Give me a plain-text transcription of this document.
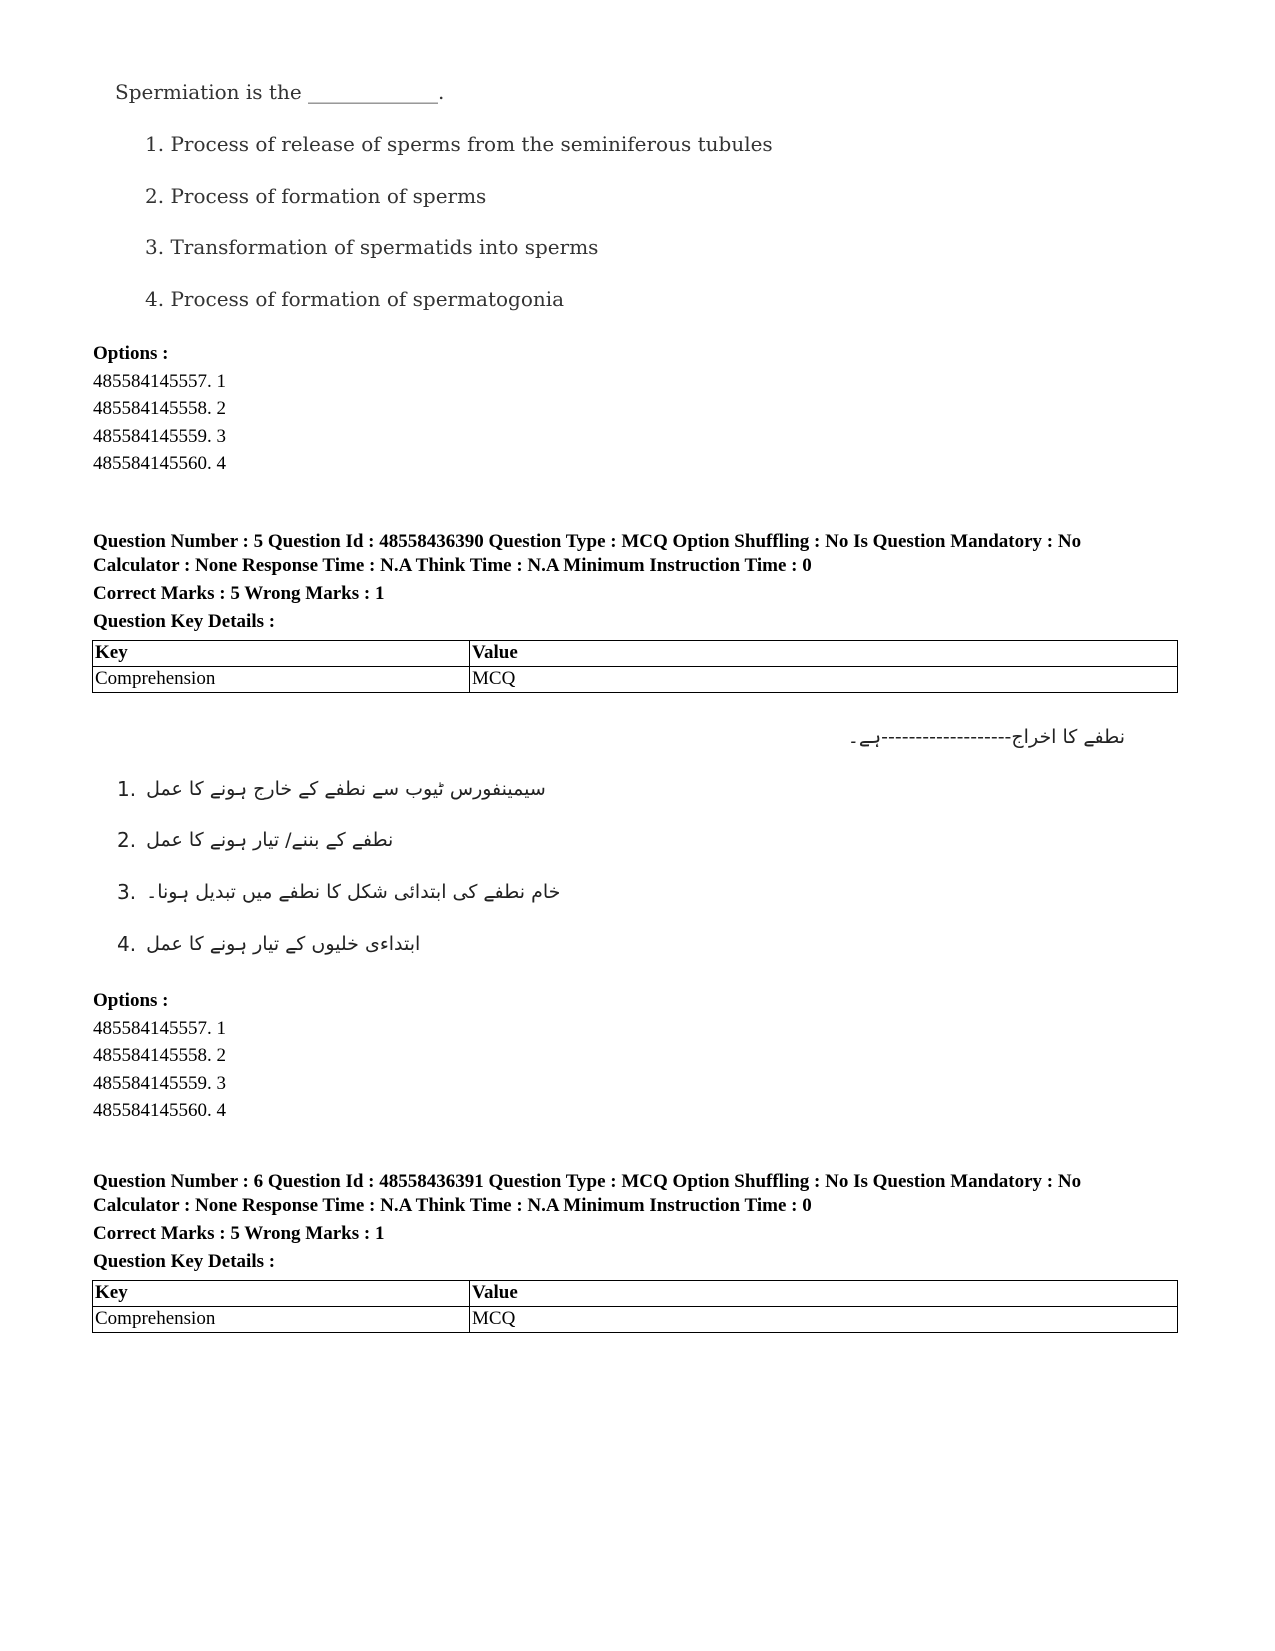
Spermiation is the _____________.
1. Process of release of sperms from the seminiferous tubules
2. Process of formation of sperms
3. Transformation of spermatids into sperms
4. Process of formation of spermatogonia
Options :
485584145557. 1
485584145558. 2
485584145559. 3
485584145560. 4
Question Number : 5 Question Id : 48558436390 Question Type : MCQ Option Shuffling : No Is Question Mandatory : No
Calculator : None Response Time : N.A Think Time : N.A Minimum Instruction Time : 0
Correct Marks : 5 Wrong Marks : 1
Question Key Details :
Key	Value
Comprehension	MCQ
نطفے کا اخراج-------------------ہے۔
1. سیمینفورس ٹیوب سے نطفے کے خارج ہونے کا عمل
2. نطفے کے بننے/ تیار ہونے کا عمل
3. خام نطفے کی ابتدائی شکل کا نطفے میں تبدیل ہونا۔
4. ابتداءی خلیوں کے تیار ہونے کا عمل
Options :
485584145557. 1
485584145558. 2
485584145559. 3
485584145560. 4
Question Number : 6 Question Id : 48558436391 Question Type : MCQ Option Shuffling : No Is Question Mandatory : No
Calculator : None Response Time : N.A Think Time : N.A Minimum Instruction Time : 0
Correct Marks : 5 Wrong Marks : 1
Question Key Details :
Key	Value
Comprehension	MCQ
